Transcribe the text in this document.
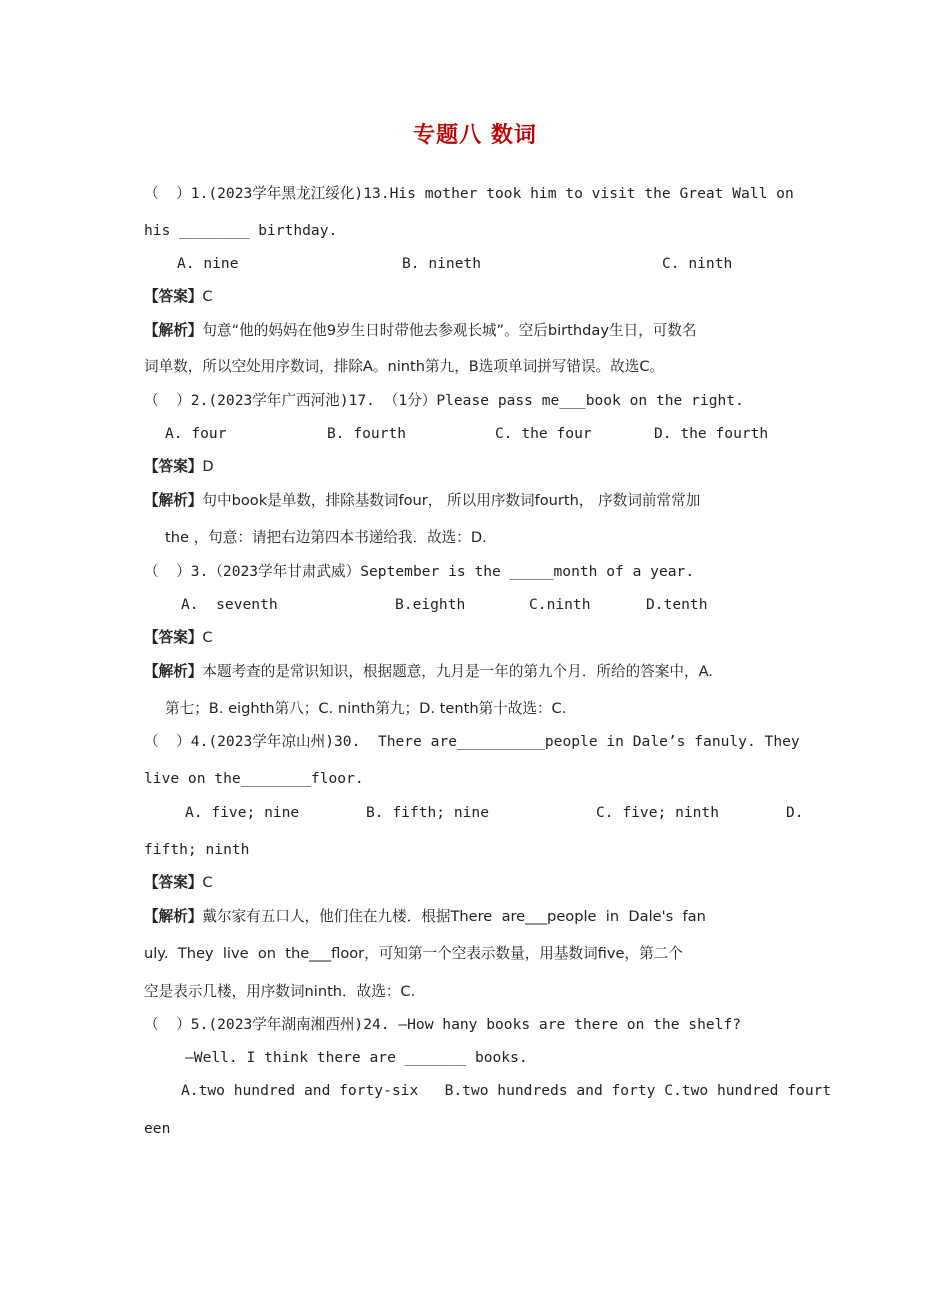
专题八 数词
（  ）1.(2023学年黑龙江绥化)13.His mother took him to visit the Great Wall on
his ________ birthday.
A. nine	B. nineth	C. ninth
【答案】C
【解析】句意“他的妈妈在他9岁生日时带他去参观长城”。空后birthday生日，可数名
词单数，所以空处用序数词，排除A。ninth第九，B选项单词拼写错误。故选C。
（  ）2.(2023学年广西河池)17. （1分）Please pass me___book on the right.
A. four	B. fourth	C. the four	D. the fourth
【答案】D
【解析】句中book是单数，排除基数词four， 所以用序数词fourth， 序数词前常常加
the ，句意：请把右边第四本书递给我．故选：D.
（  ）3.（2023学年甘肃武威）September is the _____month of a year.
A.  seventh	B.eighth	C.ninth	D.tenth
【答案】C
【解析】本题考查的是常识知识，根据题意，九月是一年的第九个月．所给的答案中，A.
第七；B. eighth第八；C. ninth第九；D. tenth第十故选：C.
（  ）4.(2023学年凉山州)30.  There are__________people in Dale’s fanuly. They
live on the________floor.
A. five; nine	B. fifth; nine	C. five; ninth	D.
fifth; ninth
【答案】C
【解析】戴尔家有五口人，他们住在九楼．根据There  are___people  in  Dale's  fan
uly.  They  live  on  the___floor，可知第一个空表示数量，用基数词five，第二个
空是表示几楼，用序数词ninth．故选：C.
（  ）5.(2023学年湖南湘西州)24. —How hany books are there on the shelf?
—Well. I think there are _______ books.
A.two hundred and forty-six   B.two hundreds and forty C.two hundred fourt
een
